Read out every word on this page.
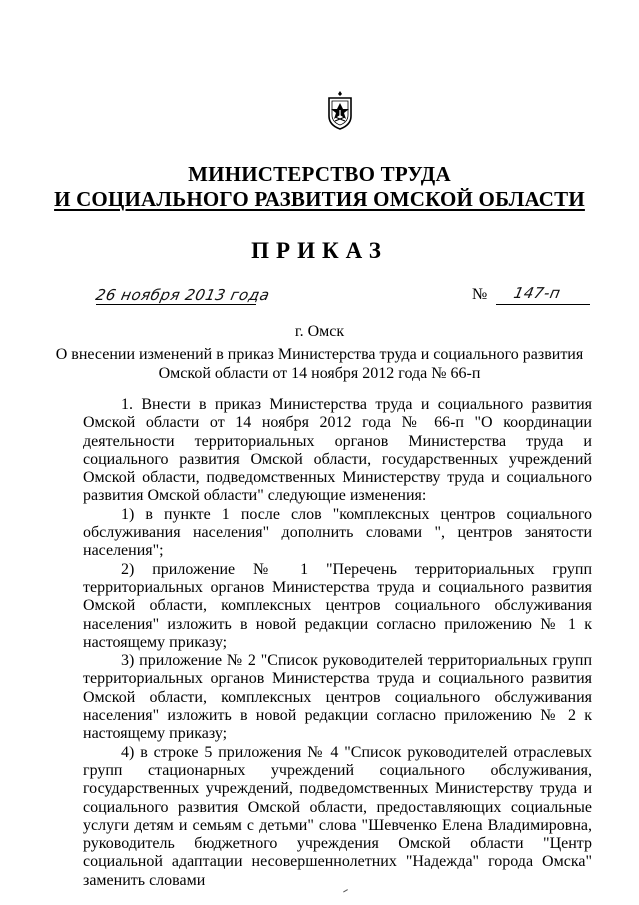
МИНИСТЕРСТВО ТРУДА
И СОЦИАЛЬНОГО РАЗВИТИЯ ОМСКОЙ ОБЛАСТИ
ПРИКАЗ
26 ноября 2013 года	№ 147-п
г. Омск
О внесении изменений в приказ Министерства труда и социального развития
Омской области от 14 ноября 2012 года № 66-п

1. Внести в приказ Министерства труда и социального развития Омской области от 14 ноября 2012 года № 66-п "О координации деятельности территориальных органов Министерства труда и социального развития Омской области, государственных учреждений Омской области, подведомственных Министерству труда и социального развития Омской области" следующие изменения:

1) в пункте 1 после слов "комплексных центров социального обслуживания населения" дополнить словами ", центров занятости населения";

2) приложение № 1 "Перечень территориальных групп территориальных органов Министерства труда и социального развития Омской области, комплексных центров социального обслуживания населения" изложить в новой редакции согласно приложению № 1 к настоящему приказу;

3) приложение № 2 "Список руководителей территориальных групп территориальных органов Министерства труда и социального развития Омской области, комплексных центров социального обслуживания населения" изложить в новой редакции согласно приложению № 2 к настоящему приказу;

4) в строке 5 приложения № 4 "Список руководителей отраслевых групп стационарных учреждений социального обслуживания, государственных учреждений, подведомственных Министерству труда и социального развития Омской области, предоставляющих социальные услуги детям и семьям с детьми" слова "Шевченко Елена Владимировна, руководитель бюджетного учреждения Омской области "Центр социальной адаптации несовершеннолетних "Надежда" города Омска" заменить словами
